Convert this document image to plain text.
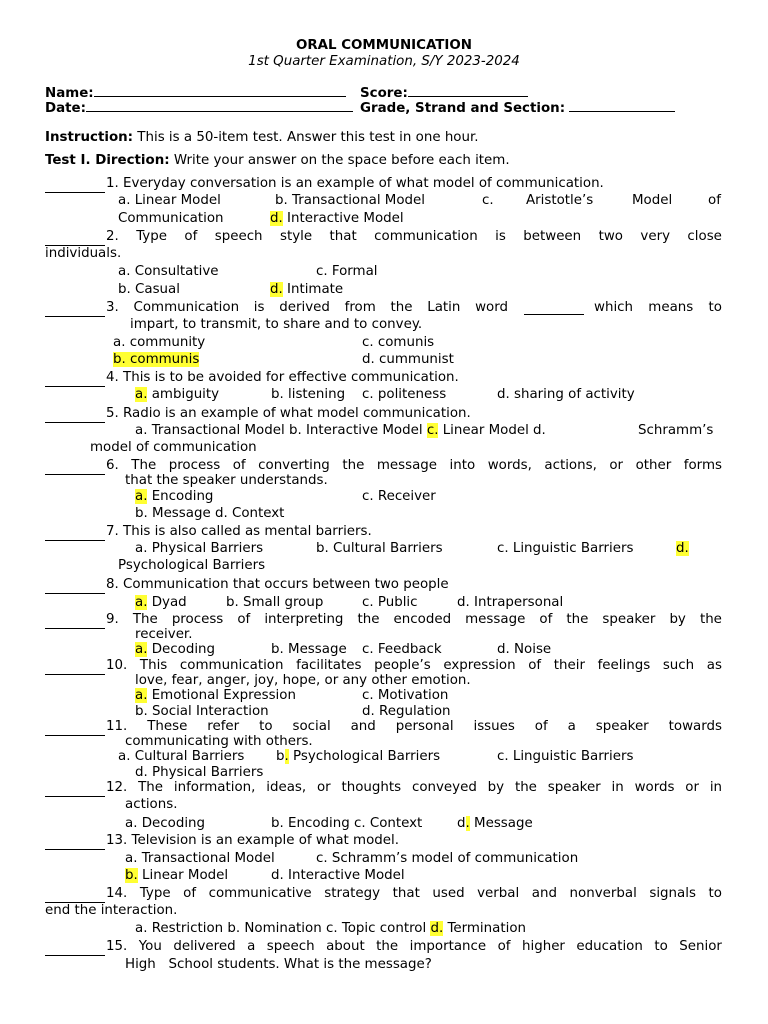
ORAL COMMUNICATION
1st Quarter Examination, S/Y 2023-2024
Name:	Score:
Date:	Grade, Strand and Section:
Instruction: This is a 50-item test. Answer this test in one hour.
Test I. Direction: Write your answer on the space before each item.
1. Everyday conversation is an example of what model of communication.
a. Linear Model	b. Transactional Model	c. Aristotle’s	Model	of
Communication	d. Interactive Model
2. Type of speech style that communication is between two very close
individuals.
a. Consultative	c. Formal
b. Casual	d. Intimate
3. Communication is derived from the Latin word	which means to
impart, to transmit, to share and to convey.
a. community	c. comunis
b. communis	d. cummunist
4. This is to be avoided for effective communication.
a. ambiguity	b. listening c. politeness	d. sharing of activity
5. Radio is an example of what model communication.
a. Transactional Model b. Interactive Model c. Linear Model d.	Schramm’s
model of communication
6. The process of converting the message into words, actions, or other forms
that the speaker understands.
a. Encoding	c. Receiver
b. Message d. Context
7. This is also called as mental barriers.
a. Physical Barriers	b. Cultural Barriers	c. Linguistic Barriers	d.
Psychological Barriers
8. Communication that occurs between two people
a. Dyad	b. Small group	c. Public	d. Intrapersonal
9. The process of interpreting the encoded message of the speaker by the
receiver.
a. Decoding	b. Message c. Feedback	d. Noise
10. This communication facilitates people’s expression of their feelings such as
love, fear, anger, joy, hope, or any other emotion.
a. Emotional Expression	c. Motivation
b. Social Interaction	d. Regulation
11. These refer to social and personal issues of a speaker towards
communicating with others.
a. Cultural Barriers b. Psychological Barriers	c. Linguistic Barriers
d. Physical Barriers
12. The information, ideas, or thoughts conveyed by the speaker in words or in
actions.
a. Decoding	b. Encoding c. Context	d. Message
13. Television is an example of what model.
a. Transactional Model	c. Schramm’s model of communication
b. Linear Model	d. Interactive Model
14. Type of communicative strategy that used verbal and nonverbal signals to
end the interaction.
a. Restriction b. Nomination c. Topic control d. Termination
15. You delivered a speech about the importance of higher education to Senior
High   School students. What is the message?
